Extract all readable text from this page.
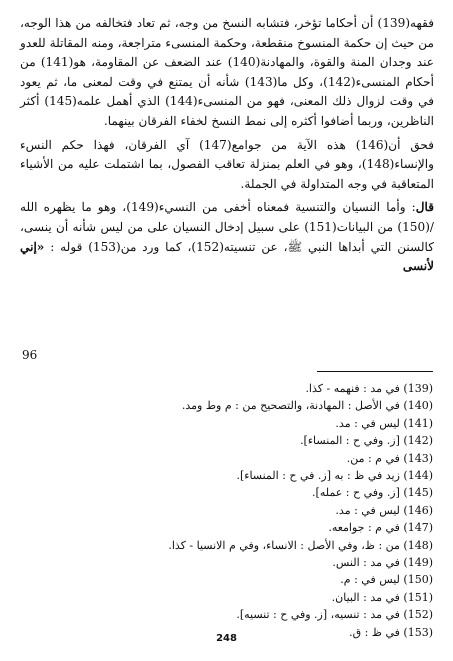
فقهه(139) أن أحكاما تؤخر، فتشابه النسخ من وجه، ثم تعاد فتخالفه من هذا الوجه، من حيث إن حكمة المنسوخ منقطعة، وحكمة المنسىء متراجعة، ومنه المقاتلة للعدو عند وجدان المنة والقوة، والمهادنة(140) عند الضعف عن المقاومة، هو(141) من أحكام المنسىء(142)، وكل ما(143) شأنه أن يمتنع في وقت لمعنى ما، ثم يعود في وقت لزوال ذلك المعنى، فهو من المنسىء(144) الذي أهمل علمه(145) أكثر الناظرين، وربما أضافوا أكثره إلى نمط النسخ لخفاء الفرقان بينهما.

فحق أن(146) هذه الآية من جوامع(147) آي الفرقان، فهذا حكم النسء والإنساء(148)، وهو في العلم بمنزلة تعاقب الفصول، بما اشتملت عليه من الأشياء المتعاقبة في وجه المتداولة في الجملة.

قال: وأما النسيان والتنسية فمعناه أخفى من النسيء(149)، وهو ما يظهره الله /(150) من البيانات(151) على سبيل إدخال النسيان على من ليس شأنه أن ينسى، كالسنن التي أبداها النبي ﷺ، عن تنسيته(152)، كما ورد من(153) قوله : «إني لأنسى

96
(139) في مد : فنهمه - كذا.
(140) في الأصل : المهادنة، والتصحيح من : م وط ومد.
(141) ليس في : مد.
(142) [ز. وفي ح : المنساء].
(143) في م : من.
(144) زيد في ظ : به [ز. في ح : المنساء].
(145) [ز. وفي ح : عمله].
(146) ليس في : مد.
(147) في م : جوامعه.
(148) من : ظ، وفي الأصل : الانساء، وفي م الانسيا - كذا.
(149) في مد : النس.
(150) ليس في : م.
(151) في مد : البيان.
(152) في مد : تنسيه، [ز. وفي ح : تنسيه].
(153) في ظ : ق.
248
